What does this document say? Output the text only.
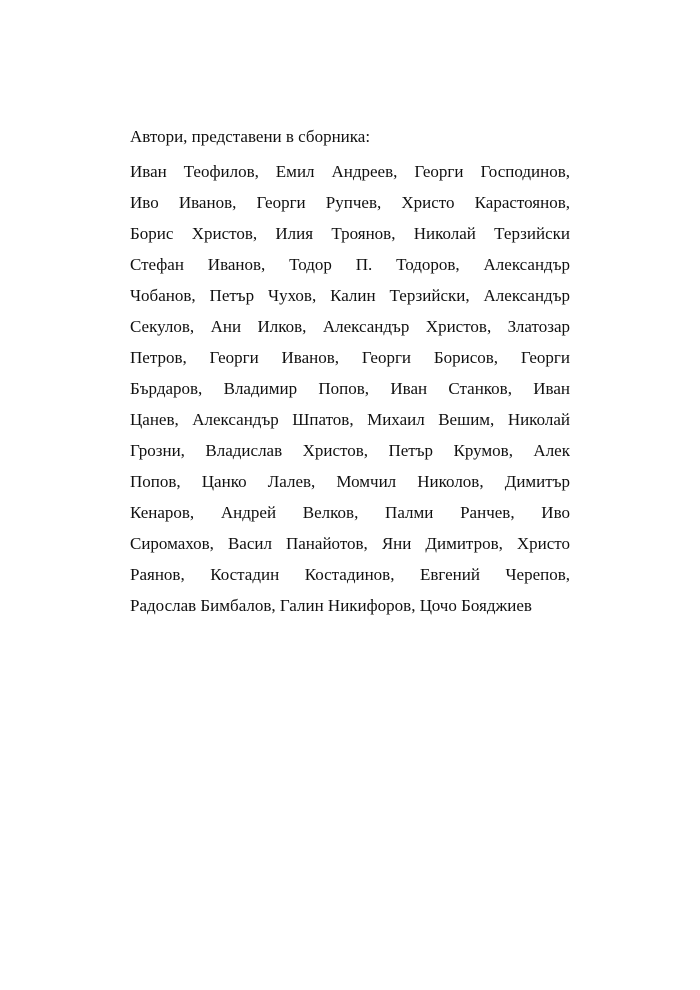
Автори, представени в сборника:
Иван Теофилов, Емил Андреев, Георги Господинов,
Иво Иванов, Георги Рупчев, Христо Карастоянов,
Борис Христов, Илия Троянов, Николай Терзийски
Стефан Иванов, Тодор П. Тодоров, Александър
Чобанов, Петър Чухов, Калин Терзийски, Александър
Секулов, Ани Илков, Александър Христов, Златозар
Петров, Георги Иванов, Георги Борисов, Георги
Бърдаров, Владимир Попов, Иван Станков, Иван
Цанев, Александър Шпатов, Михаил Вешим, Николай
Грозни, Владислав Христов, Петър Крумов, Алек
Попов, Цанко Лалев, Момчил Николов, Димитър
Кенаров, Андрей Велков, Палми Ранчев, Иво
Сиромахов, Васил Панайотов, Яни Димитров, Христо
Раянов, Костадин Костадинов, Евгений Черепов,
Радослав Бимбалов, Галин Никифоров, Цочо Бояджиев
